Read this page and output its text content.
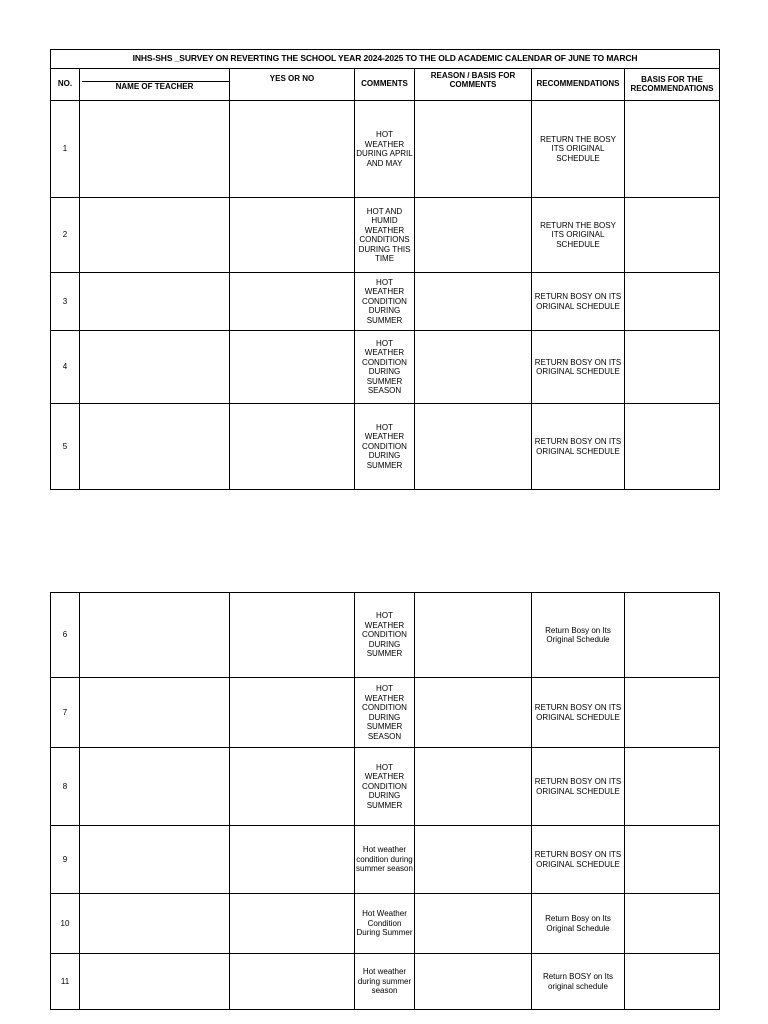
INHS-SHS _SURVEY ON REVERTING THE SCHOOL YEAR 2024-2025 TO THE OLD ACADEMIC CALENDAR OF JUNE TO MARCH						
NO.	NAME OF TEACHER	YES OR NO	COMMENTS	REASON / BASIS FOR COMMENTS	RECOMMENDATIONS	BASIS FOR THE RECOMMENDATIONS
1			HOT WEATHER DURING APRIL AND MAY		RETURN THE BOSY ITS ORIGINAL SCHEDULE	
2			HOT AND HUMID WEATHER CONDITIONS DURING THIS TIME		RETURN THE BOSY ITS ORIGINAL SCHEDULE	
3			HOT WEATHER CONDITION DURING SUMMER		RETURN BOSY ON ITS ORIGINAL SCHEDULE	
4			HOT WEATHER CONDITION DURING SUMMER SEASON		RETURN BOSY ON ITS ORIGINAL SCHEDULE	
5			HOT WEATHER CONDITION DURING SUMMER		RETURN BOSY ON ITS ORIGINAL SCHEDULE	
6			HOT WEATHER CONDITION DURING SUMMER		Return Bosy on Its Original Schedule	
7			HOT WEATHER CONDITION DURING SUMMER SEASON		RETURN BOSY ON ITS ORIGINAL SCHEDULE	
8			HOT WEATHER CONDITION DURING SUMMER		RETURN BOSY ON ITS ORIGINAL SCHEDULE	
9			Hot weather condition during summer season		RETURN BOSY ON ITS ORIGINAL SCHEDULE	
10			Hot Weather Condition During Summer		Return Bosy on Its Original Schedule	
11			Hot weather during summer season		Return BOSY on Its original schedule	
